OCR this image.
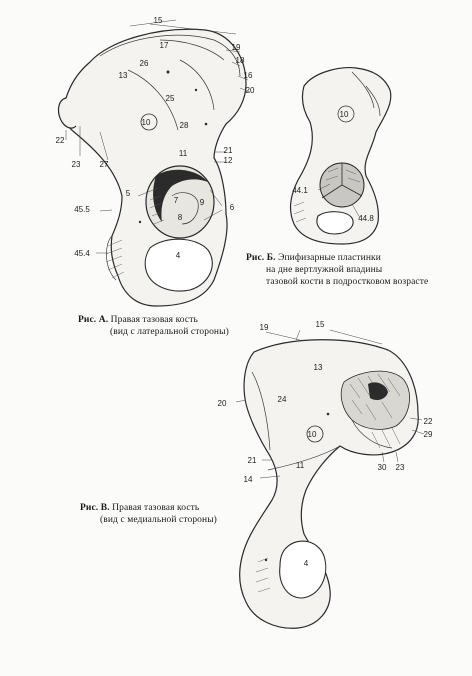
15
17	19
18
16
20
13
26
25
10	28
22
23 27
11	21
12
5
7	9
6
8
45.5
45.4	4
10
44.1
44.8
19	15
13
20	24
10
22
29
21
11	30 23
14
4
Рис. Б. Эпифизарные пластинки
на дне вертлужной впадины
тазовой кости в подростковом возрасте
Рис. А. Правая тазовая кость
(вид с латеральной стороны)
Рис. В. Правая тазовая кость
(вид с медиальной стороны)
